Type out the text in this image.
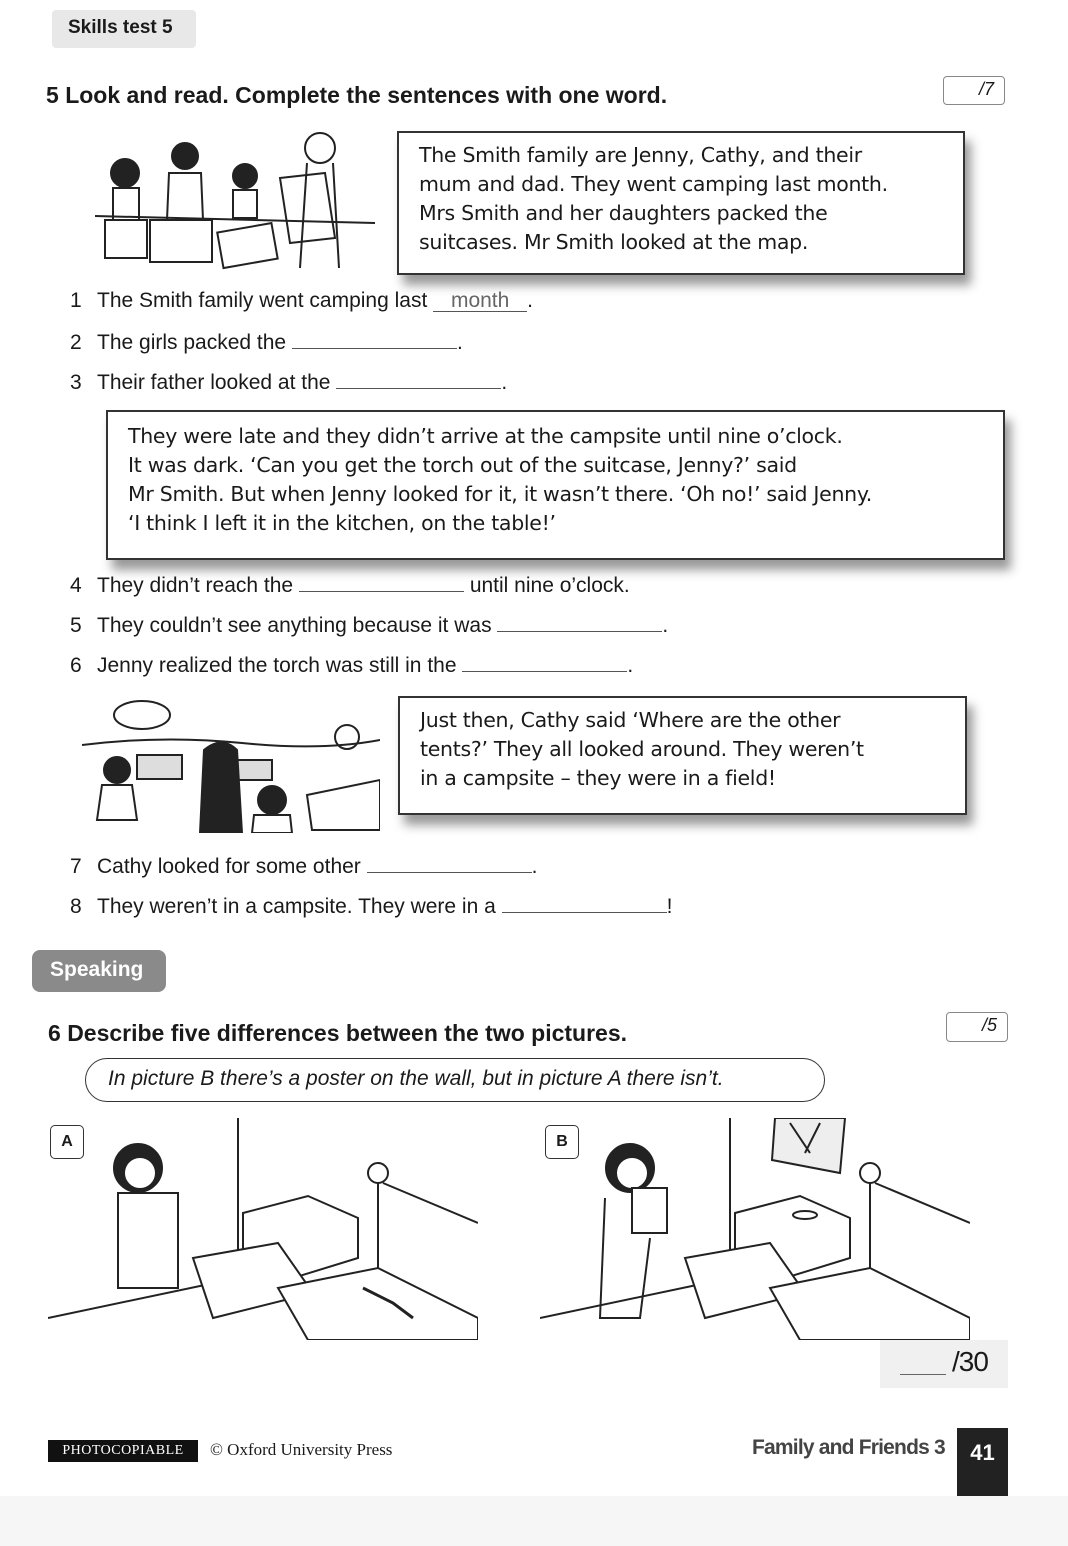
Skills test 5
5 Look and read. Complete the sentences with one word.	/7
The Smith family are Jenny, Cathy, and their
mum and dad. They went camping last month.
Mrs Smith and her daughters packed the
suitcases. Mr Smith looked at the map.
1 The Smith family went camping last month .
2 The girls packed the	.
3 Their father looked at the	.
They were late and they didn’t arrive at the campsite until nine o’clock.
It was dark. ‘Can you get the torch out of the suitcase, Jenny?’ said
Mr Smith. But when Jenny looked for it, it wasn’t there. ‘Oh no!’ said Jenny.
‘I think I left it in the kitchen, on the table!’
4 They didn’t reach the	until nine o’clock.
5 They couldn’t see anything because it was	.
6 Jenny realized the torch was still in the	.
Just then, Cathy said ‘Where are the other
tents?’ They all looked around. They weren’t
in a campsite – they were in a field!
7 Cathy looked for some other	.
8 They weren’t in a campsite. They were in a	!
Speaking
6 Describe five differences between the two pictures.	/5
In picture B there’s a poster on the wall, but in picture A there isn’t.
A	B
/30
PHOTOCOPIABLE	© Oxford University Press	Family and Friends 3	41
